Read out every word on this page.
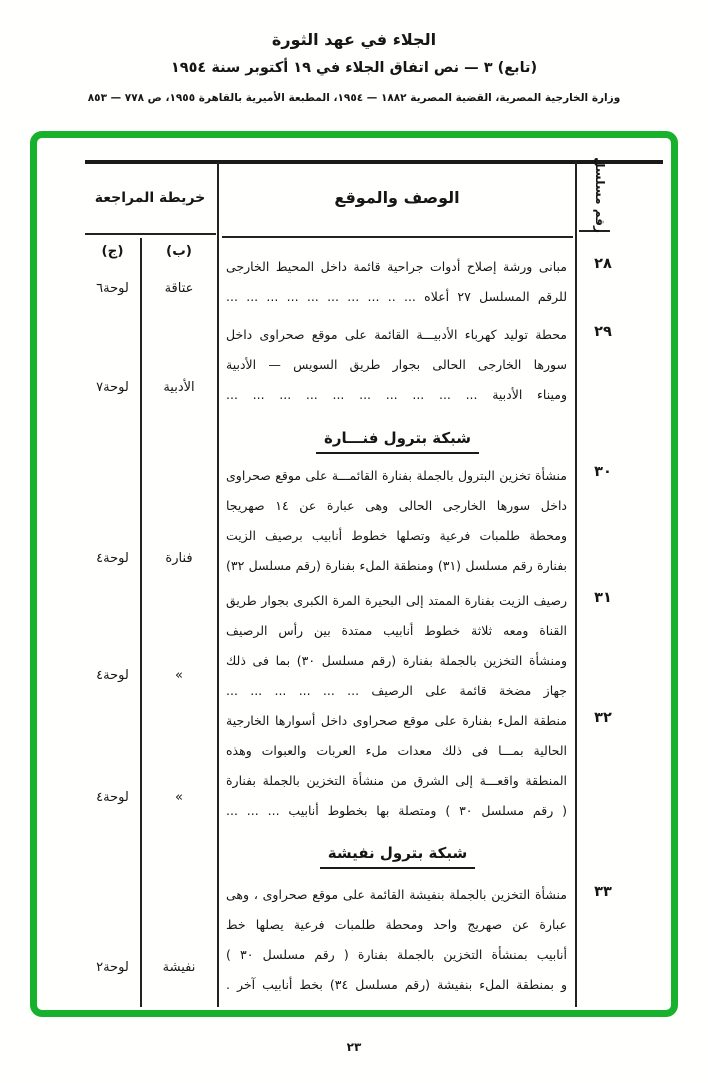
الجلاء في عهد الثورة
(تابع) ٣ — نص اتفاق الجلاء في ١٩ أكتوبر سنة ١٩٥٤
وزارة الخارجية المصرية، القضية المصرية ١٨٨٢ — ١٩٥٤، المطبعة الأميرية بالقاهرة ١٩٥٥، ص ٧٧٨ — ٨٥٣
الوصف والموقع
خريطة المراجعة	رقم مسلسل
(ب)
(ج)
٢٨
مبانى ورشة إصلاح أدوات جراحية قائمة داخل المحيط الخارجى
للرقم المسلسل ٢٧ أعلاه ... .. ... ... ... ... ... ... ... ...
عتاقة
لوحة٦
٢٩
محطة توليد كهرباء الأدبيـــة القائمة على موقع صحراوى داخل
سورها الخارجى الحالى بجوار طريق السويس — الأدبية
وميناء الأدبية ... ... ... ... ... ... ... ... ... ...
الأدبية
لوحة٧
شبكة بترول فنـــارة
٣٠
منشأة تخزين البترول بالجملة بفنارة القائمـــة على موقع صحراوى
داخل سورها الخارجى الحالى وهى عبارة عن ١٤ صهريجا
ومحطة طلمبات فرعية وتصلها خطوط أنابيب برصيف الزيت
بفنارة رقم مسلسل (٣١) ومنطقة الملء بفنارة (رقم مسلسل ٣٢)
فنارة
لوحة٤
٣١
رصيف الزيت بفنارة الممتد إلى البحيرة المرة الكبرى بجوار طريق
القناة ومعه ثلاثة خطوط أنابيب ممتدة بين رأس الرصيف
ومنشأة التخزين بالجملة بفنارة (رقم مسلسل ٣٠) بما فى ذلك
جهاز مضخة قائمة على الرصيف ... ... ... ... ... ...
»
لوحة٤
٣٢
منطقة الملء بفنارة على موقع صحراوى داخل أسوارها الخارجية
الحالية بمـــا فى ذلك معدات ملء العربات والعبوات وهذه
المنطقة واقعـــة إلى الشرق من منشأة التخزين بالجملة بفنارة
( رقم مسلسل ٣٠ ) ومتصلة بها بخطوط أنابيب ... ... ...
»
لوحة٤
شبكة بترول نفيشة
٣٣
منشأة التخزين بالجملة بنفيشة القائمة على موقع صحراوى ، وهى
عبارة عن صهريج واحد ومحطة طلمبات فرعية يصلها خط
أنابيب بمنشأة التخزين بالجملة بفنارة ( رقم مسلسل ٣٠ )
و بمنطقة الملء بنفيشة (رقم مسلسل ٣٤) بخط أنابيب آخر .
نفيشة
لوحة٢
٢٣
